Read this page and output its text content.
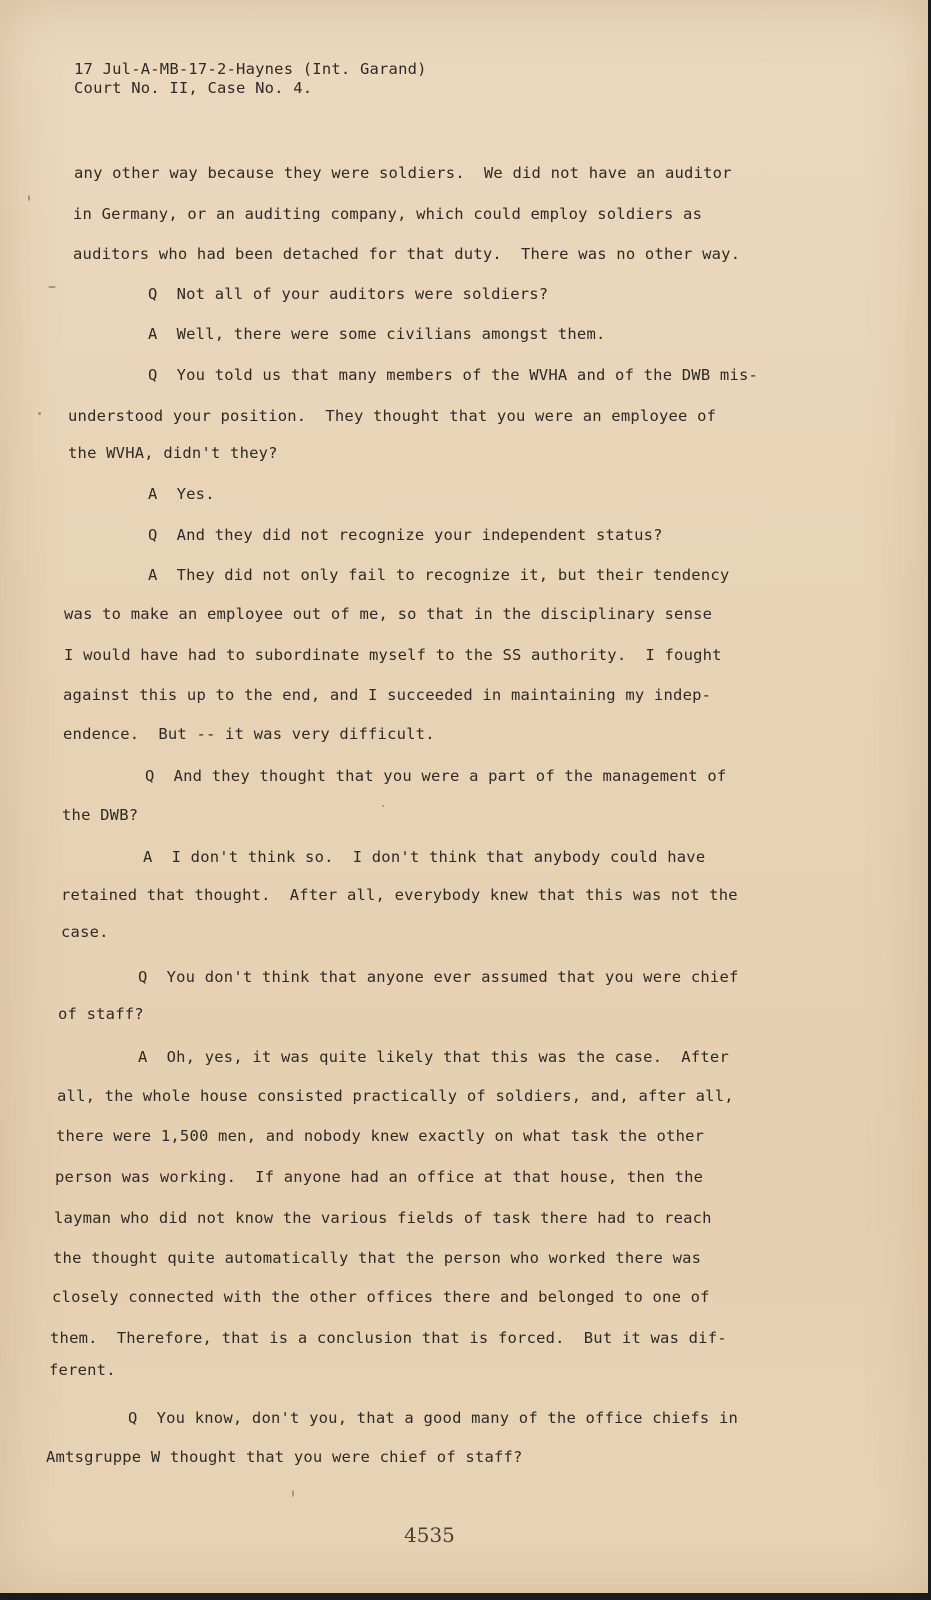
17 Jul-A-MB-17-2-Haynes (Int. Garand)
Court No. II, Case No. 4.
any other way because they were soldiers.  We did not have an auditor
in Germany, or an auditing company, which could employ soldiers as
auditors who had been detached for that duty.  There was no other way.
Q  Not all of your auditors were soldiers?
A  Well, there were some civilians amongst them.
Q  You told us that many members of the WVHA and of the DWB mis-
understood your position.  They thought that you were an employee of
the WVHA, didn't they?
A  Yes.
Q  And they did not recognize your independent status?
A  They did not only fail to recognize it, but their tendency
was to make an employee out of me, so that in the disciplinary sense
I would have had to subordinate myself to the SS authority.  I fought
against this up to the end, and I succeeded in maintaining my indep-
endence.  But -- it was very difficult.
Q  And they thought that you were a part of the management of
the DWB?
A  I don't think so.  I don't think that anybody could have
retained that thought.  After all, everybody knew that this was not the
case.
Q  You don't think that anyone ever assumed that you were chief
of staff?
A  Oh, yes, it was quite likely that this was the case.  After
all, the whole house consisted practically of soldiers, and, after all,
there were 1,500 men, and nobody knew exactly on what task the other
person was working.  If anyone had an office at that house, then the
layman who did not know the various fields of task there had to reach
the thought quite automatically that the person who worked there was
closely connected with the other offices there and belonged to one of
them.  Therefore, that is a conclusion that is forced.  But it was dif-
ferent.
Q  You know, don't you, that a good many of the office chiefs in
Amtsgruppe W thought that you were chief of staff?
4535
